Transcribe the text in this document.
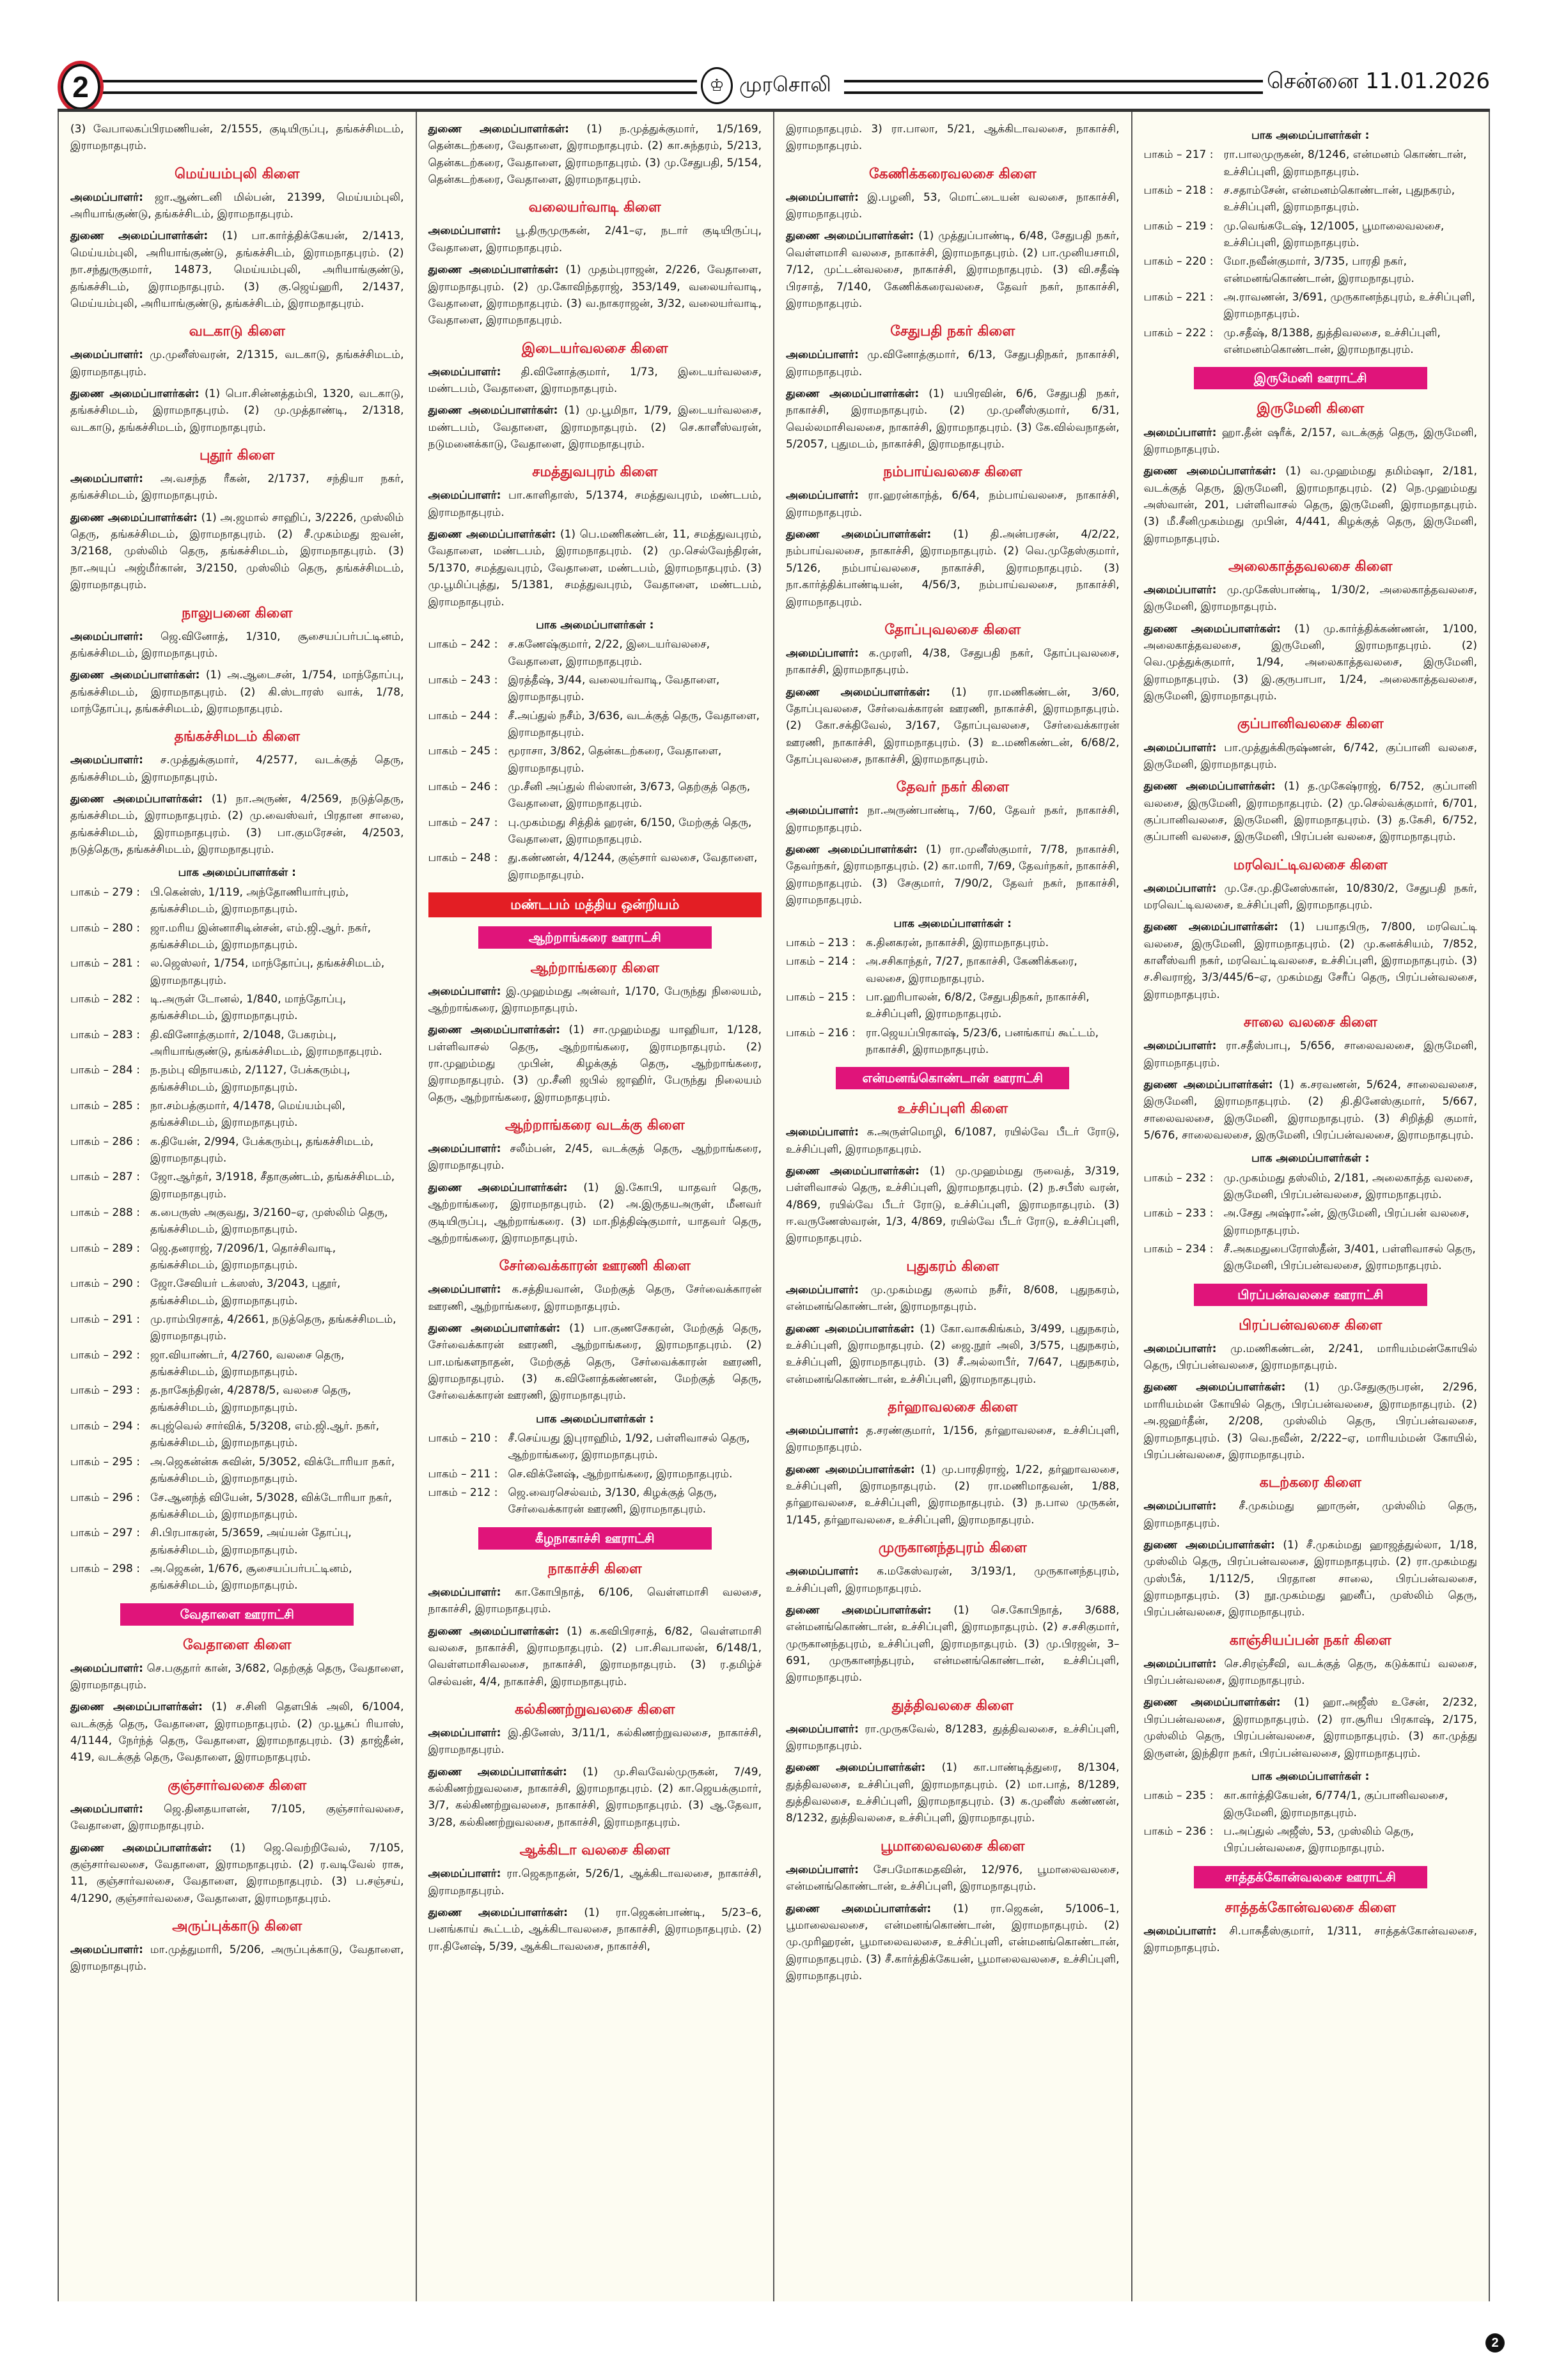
2	♔ முரசொலி	சென்னை 11.01.2026

(3) வேபாலகப்பிரமணியன், 2/1555, குடியிருப்பு, தங்கச்சிமடம், இராமநாதபுரம்.

மெய்யம்புலி கிளை

அமைப்பாளர்: ஜா.ஆண்டனி மில்பன், 21399, மெய்யம்புலி, அரியாங்குண்டு, தங்கச்சிடம், இராமநாதபுரம்.

துணை அமைப்பாளர்கள்: (1) பா.கார்த்திக்கேயன், 2/1413, மெய்யம்புலி, அரியாங்குண்டு, தங்கச்சிடம், இராமநாதபுரம். (2) நா.சந்துருகுமார், 14873, மெய்யம்புலி, அரியாங்குண்டு, தங்கச்சிடம், இராமநாதபுரம். (3) கு.ஜெய்ஹரி, 2/1437, மெய்யம்புலி, அரியாங்குண்டு, தங்கச்சிடம், இராமநாதபுரம்.

வடகாடு கிளை

அமைப்பாளர்: மு.முனீஸ்வரன், 2/1315, வடகாடு, தங்கச்சிமடம், இராமநாதபுரம்.

துணை அமைப்பாளர்கள்: (1) பொ.சின்னத்தம்பி, 1320, வடகாடு, தங்கச்சிமடம், இராமநாதபுரம். (2) மு.முத்தாண்டி, 2/1318, வடகாடு, தங்கச்சிமடம், இராமநாதபுரம்.

புதூர் கிளை

அமைப்பாளர்: அ.வசந்த ரீகன், 2/1737, சந்தியா நகர், தங்கச்சிமடம், இராமநாதபுரம்.

துணை அமைப்பாளர்கள்: (1) அ.ஜமால் சாஹிப், 3/2226, முஸ்லிம் தெரு, தங்கச்சிமடம், இராமநாதபுரம். (2) சீ.முகம்மது ஐவன், 3/2168, முஸ்லிம் தெரு, தங்கச்சிமடம், இராமநாதபுரம். (3) நா.அயுப் அஜ்மீர்கான், 3/2150, முஸ்லிம் தெரு, தங்கச்சிமடம், இராமநாதபுரம்.

நாலுபனை கிளை

அமைப்பாளர்: ஜெ.வினோத், 1/310, சூசையப்பர்பட்டினம், தங்கச்சிமடம், இராமநாதபுரம்.

துணை அமைப்பாளர்கள்: (1) அ.ஆடைசன், 1/754, மாந்தோப்பு, தங்கச்சிமடம், இராமநாதபுரம். (2) கி.ஸ்டாரஸ் வாக், 1/78, மாந்தோப்பு, தங்கச்சிமடம், இராமநாதபுரம்.

தங்கச்சிமடம் கிளை

அமைப்பாளர்: ச.முத்துக்குமார், 4/2577, வடக்குத் தெரு, தங்கச்சிமடம், இராமநாதபுரம்.

துணை அமைப்பாளர்கள்: (1) நா.அருண், 4/2569, நடுத்தெரு, தங்கச்சிமடம், இராமநாதபுரம். (2) மு.வைஸ்வர், பிரதான சாலை, தங்கச்சிமடம், இராமநாதபுரம். (3) பா.குமரேசன், 4/2503, நடுத்தெரு, தங்கச்சிமடம், இராமநாதபுரம்.

பாக அமைப்பாளர்கள் :
பாகம் – 279 : பி.கென்ஸ், 1/119, அந்தோணியார்புரம், தங்கச்சிமடம், இராமநாதபுரம்.
பாகம் – 280 : ஜா.மரிய இன்னாசிடின்சன், எம்.ஜி.ஆர். நகர், தங்கச்சிமடம், இராமநாதபுரம்.
பாகம் – 281 : ல.ஜெஸ்லர், 1/754, மாந்தோப்பு, தங்கச்சிமடம், இராமநாதபுரம்.
பாகம் – 282 : டி.அருள் டோனல், 1/840, மாந்தோப்பு, தங்கச்சிமடம், இராமநாதபுரம்.
பாகம் – 283 : தி.வினோத்குமார், 2/1048, பேகரம்பு, அரியாங்குண்டு, தங்கச்சிமடம், இராமநாதபுரம்.
பாகம் – 284 : ந.நம்பு விநாயகம், 2/1127, பேக்கரும்பு, தங்கச்சிமடம், இராமநாதபுரம்.
பாகம் – 285 : நா.சம்பத்குமார், 4/1478, மெய்யம்புலி, தங்கச்சிமடம், இராமநாதபுரம்.
பாகம் – 286 : க.தியேன், 2/994, பேக்கரும்பு, தங்கச்சிமடம், இராமநாதபுரம்.
பாகம் – 287 : ஜோ.ஆர்தர், 3/1918, சீதாகுண்டம், தங்கச்சிமடம், இராமநாதபுரம்.
பாகம் – 288 : க.பைருஸ் அகுவது, 3/2160–ஏ, முஸ்லிம் தெரு, தங்கச்சிமடம், இராமநாதபுரம்.
பாகம் – 289 : ஜெ.தனராஜ், 7/2096/1, தொச்சிவாடி, தங்கச்சிமடம், இராமநாதபுரம்.
பாகம் – 290 : ஜோ.சேவியர் டக்ஸஸ், 3/2043, புதூர், தங்கச்சிமடம், இராமநாதபுரம்.
பாகம் – 291 : மு.ராம்பிரசாத், 4/2661, நடுத்தெரு, தங்கச்சிமடம், இராமநாதபுரம்.
பாகம் – 292 : ஜா.வியாண்டர், 4/2760, வலசை தெரு, தங்கச்சிமடம், இராமநாதபுரம்.
பாகம் – 293 : த.நாகேந்திரன், 4/2878/5, வலசை தெரு, தங்கச்சிமடம், இராமநாதபுரம்.
பாகம் – 294 : சுபுஜ்வெல் சார்விக், 5/3208, எம்.ஜி.ஆர். நகர், தங்கச்சிமடம், இராமநாதபுரம்.
பாகம் – 295 : அ.ஜெகன்ன்சு சுவின், 5/3052, விக்டோரியா நகர், தங்கச்சிமடம், இராமநாதபுரம்.
பாகம் – 296 : சே.ஆனந்த் வியேன், 5/3028, விக்டோரியா நகர், தங்கச்சிமடம், இராமநாதபுரம்.
பாகம் – 297 : சி.பிரபாகரன், 5/3659, அய்யன் தோப்பு, தங்கச்சிமடம், இராமநாதபுரம்.
பாகம் – 298 : அ.ஜெகன், 1/676, சூசையப்பர்பட்டினம், தங்கச்சிமடம், இராமநாதபுரம்.
வேதாளை ஊராட்சி
வேதாளை கிளை

அமைப்பாளர்: செ.பகுதார் கான், 3/682, தெற்குத் தெரு, வேதாளை, இராமநாதபுரம்.

துணை அமைப்பாளர்கள்: (1) ச.சினி தௌபிக் அலி, 6/1004, வடக்குத் தெரு, வேதாளை, இராமநாதபுரம். (2) மு.யூசுப் ரியாஸ், 4/1144, நேர்ந்த் தெரு, வேதாளை, இராமநாதபுரம். (3) தாஜ்தீன், 419, வடக்குத் தெரு, வேதாளை, இராமநாதபுரம்.

குஞ்சார்வலசை கிளை

அமைப்பாளர்: ஜெ.தினதயாளன், 7/105, குஞ்சார்வலசை, வேதாளை, இராமநாதபுரம்.

துணை அமைப்பாளர்கள்: (1) ஜெ.வெற்றிவேல், 7/105, குஞ்சார்வலசை, வேதாளை, இராமநாதபுரம். (2) ர.வடிவேல் ராசு, 11, குஞ்சார்வலசை, வேதாளை, இராமநாதபுரம். (3) ப.சஞ்சய், 4/1290, குஞ்சார்வலசை, வேதாளை, இராமநாதபுரம்.

அருப்புக்காடு கிளை

அமைப்பாளர்: மா.முத்துமாரி, 5/206, அருப்புக்காடு, வேதாளை, இராமநாதபுரம்.

துணை அமைப்பாளர்கள்: (1) ந.முத்துக்குமார், 1/5/169, தென்கடற்கரை, வேதாளை, இராமநாதபுரம். (2) கா.சுந்தரம், 5/213, தென்கடற்கரை, வேதாளை, இராமநாதபுரம். (3) மு.சேதுபதி, 5/154, தென்கடற்கரை, வேதாளை, இராமநாதபுரம்.

வலையர்வாடி கிளை

அமைப்பாளர்: பூ.திருமுருகன், 2/41–ஏ, நடார் குடியிருப்பு, வேதாளை, இராமநாதபுரம்.

துணை அமைப்பாளர்கள்: (1) முதம்புராஜன், 2/226, வேதாளை, இராமநாதபுரம். (2) மு.கோவிந்தராஜ், 353/149, வலையர்வாடி, வேதாளை, இராமநாதபுரம். (3) வ.நாகராஜன், 3/32, வலையர்வாடி, வேதாளை, இராமநாதபுரம்.

இடையர்வலசை கிளை

அமைப்பாளர்: தி.வினோத்குமார், 1/73, இடையர்வலசை, மண்டபம், வேதாளை, இராமநாதபுரம்.

துணை அமைப்பாளர்கள்: (1) மு.பூமிநா, 1/79, இடையர்வலசை, மண்டபம், வேதாளை, இராமநாதபுரம். (2) செ.காளீஸ்வரன், நடுமனைக்காடு, வேதாளை, இராமநாதபுரம்.

சமத்துவபுரம் கிளை

அமைப்பாளர்: பா.காளிதாஸ், 5/1374, சமத்துவபுரம், மண்டபம், இராமநாதபுரம்.

துணை அமைப்பாளர்கள்: (1) பெ.மணிகண்டன், 11, சமத்துவபுரம், வேதாளை, மண்டபம், இராமநாதபுரம். (2) மு.செல்வேந்திரன், 5/1370, சமத்துவபுரம், வேதாளை, மண்டபம், இராமநாதபுரம். (3) மு.பூமிப்புத்து, 5/1381, சமத்துவபுரம், வேதாளை, மண்டபம், இராமநாதபுரம்.

பாக அமைப்பாளர்கள் :
பாகம் – 242 : ச.கணேஷ்குமார், 2/22, இடையர்வலசை, வேதாளை, இராமநாதபுரம்.
பாகம் – 243 : இரத்தீஷ், 3/44, வலையர்வாடி, வேதாளை, இராமநாதபுரம்.
பாகம் – 244 : சீ.அப்துல் நசீம், 3/636, வடக்குத் தெரு, வேதாளை, இராமநாதபுரம்.
பாகம் – 245 : மூராசா, 3/862, தென்கடற்கரை, வேதாளை, இராமநாதபுரம்.
பாகம் – 246 : மு.சீனி அப்துல் ரில்ஸான், 3/673, தெற்குத் தெரு, வேதாளை, இராமநாதபுரம்.
பாகம் – 247 : பு.முகம்மது சித்திக் ஹரன், 6/150, மேற்குத் தெரு, வேதாளை, இராமநாதபுரம்.
பாகம் – 248 : து.கண்ணன், 4/1244, குஞ்சார் வலசை, வேதாளை, இராமநாதபுரம்.
மண்டபம் மத்திய ஒன்றியம்
ஆற்றாங்கரை ஊராட்சி
ஆற்றாங்கரை கிளை

அமைப்பாளர்: இ.முஹம்மது அன்வர், 1/170, பேருந்து நிலையம், ஆற்றாங்கரை, இராமநாதபுரம்.

துணை அமைப்பாளர்கள்: (1) சா.முஹம்மது யாஹியா, 1/128, பள்ளிவாசல் தெரு, ஆற்றாங்கரை, இராமநாதபுரம். (2) ரா.முஹம்மது முபின், கிழக்குத் தெரு, ஆற்றாங்கரை, இராமநாதபுரம். (3) மு.சீனி ஜபில் ஜாஹிர், பேருந்து நிலையம் தெரு, ஆற்றாங்கரை, இராமநாதபுரம்.

ஆற்றாங்கரை வடக்கு கிளை

அமைப்பாளர்: சலீம்பன், 2/45, வடக்குத் தெரு, ஆற்றாங்கரை, இராமநாதபுரம்.

துணை அமைப்பாளர்கள்: (1) இ.கோபி, யாதவர் தெரு, ஆற்றாங்கரை, இராமநாதபுரம். (2) அ.இருதயஅருள், மீனவர் குடியிருப்பு, ஆற்றாங்கரை. (3) மா.நித்திஷ்குமார், யாதவர் தெரு, ஆற்றாங்கரை, இராமநாதபுரம்.

சேர்வைக்காரன் ஊரணி கிளை

அமைப்பாளர்: க.சத்தியவான், மேற்குத் தெரு, சேர்வைக்காரன் ஊரணி, ஆற்றாங்கரை, இராமநாதபுரம்.

துணை அமைப்பாளர்கள்: (1) பா.குணசேகரன், மேற்குத் தெரு, சேர்வைக்காரன் ஊரணி, ஆற்றாங்கரை, இராமநாதபுரம். (2) பா.மங்களநாதன், மேற்குத் தெரு, சேர்வைக்காரன் ஊரணி, இராமநாதபுரம். (3) க.வினோத்கண்ணன், மேற்குத் தெரு, சேர்வைக்காரன் ஊரணி, இராமநாதபுரம்.

பாக அமைப்பாளர்கள் :
பாகம் – 210 : சீ.செய்யது இபுராஹிம், 1/92, பள்ளிவாசல் தெரு, ஆற்றாங்கரை, இராமநாதபுரம்.
பாகம் – 211 : செ.விக்னேஷ், ஆற்றாங்கரை, இராமநாதபுரம்.
பாகம் – 212 : ஜெ.வைரசெல்வம், 3/130, கிழக்குத் தெரு, சேர்வைக்காரன் ஊரணி, இராமநாதபுரம்.
கீழநாகாச்சி ஊராட்சி
நாகாச்சி கிளை

அமைப்பாளர்: கா.கோபிநாத், 6/106, வெள்ளமாசி வலசை, நாகாச்சி, இராமநாதபுரம்.

துணை அமைப்பாளர்கள்: (1) க.கவிபிரசாத், 6/82, வெள்ளமாசி வலசை, நாகாச்சி, இராமநாதபுரம். (2) பா.சிவபாலன், 6/148/1, வெள்ளமாசிவலசை, நாகாச்சி, இராமநாதபுரம். (3) ர.தமிழ்ச் செல்வன், 4/4, நாகாச்சி, இராமநாதபுரம்.

கல்கிணற்றுவலசை கிளை

அமைப்பாளர்: இ.தினேஸ், 3/11/1, கல்கிணற்றுவலசை, நாகாச்சி, இராமநாதபுரம்.

துணை அமைப்பாளர்கள்: (1) மு.சிவவேல்முருகன், 7/49, கல்கிணற்றுவலசை, நாகாச்சி, இராமநாதபுரம். (2) கா.ஜெயக்குமார், 3/7, கல்கிணற்றுவலசை, நாகாச்சி, இராமநாதபுரம். (3) ஆ.தேவா, 3/28, கல்கிணற்றுவலசை, நாகாச்சி, இராமநாதபுரம்.

ஆக்கிடா வலசை கிளை

அமைப்பாளர்: ரா.ஜெகநாதன், 5/26/1, ஆக்கிடாவலசை, நாகாச்சி, இராமநாதபுரம்.

துணை அமைப்பாளர்கள்: (1) ரா.ஜெகன்பாண்டி, 5/23–6, பனங்காய் கூட்டம், ஆக்கிடாவலசை, நாகாச்சி, இராமநாதபுரம். (2) ரா.தினேஷ், 5/39, ஆக்கிடாவலசை, நாகாச்சி,

இராமநாதபுரம். 3) ரா.பாலா, 5/21, ஆக்கிடாவலசை, நாகாச்சி, இராமநாதபுரம்.

கேணிக்கரைவலசை கிளை

அமைப்பாளர்: இ.பழனி, 53, மொட்டையன் வலசை, நாகாச்சி, இராமநாதபுரம்.

துணை அமைப்பாளர்கள்: (1) முத்துப்பாண்டி, 6/48, சேதுபதி நகர், வெள்ளமாசி வலசை, நாகாச்சி, இராமநாதபுரம். (2) பா.முனியசாமி, 7/12, முட்டன்வலசை, நாகாச்சி, இராமநாதபுரம். (3) வி.சதீஷ் பிரசாத், 7/140, கேணிக்கரைவலசை, தேவர் நகர், நாகாச்சி, இராமநாதபுரம்.

சேதுபதி நகர் கிளை

அமைப்பாளர்: மு.வினோத்குமார், 6/13, சேதுபதிநகர், நாகாச்சி, இராமநாதபுரம்.

துணை அமைப்பாளர்கள்: (1) யயிரவின், 6/6, சேதுபதி நகர், நாகாச்சி, இராமநாதபுரம். (2) மு.முனீஸ்குமார், 6/31, வெல்லமாசிவலசை, நாகாச்சி, இராமநாதபுரம். (3) கே.வில்வநாதன், 5/2057, புதுமடம், நாகாச்சி, இராமநாதபுரம்.

நம்பாய்வலசை கிளை

அமைப்பாளர்: ரா.ஹரன்காந்த், 6/64, நம்பாய்வலசை, நாகாச்சி, இராமநாதபுரம்.

துணை அமைப்பாளர்கள்: (1) தி.அன்பரசன், 4/2/22, நம்பாய்வலசை, நாகாச்சி, இராமநாதபுரம். (2) வெ.முதேஸ்குமார், 5/126, நம்பாய்வலசை, நாகாச்சி, இராமநாதபுரம். (3) நா.கார்த்திக்பாண்டியன், 4/56/3, நம்பாய்வலசை, நாகாச்சி, இராமநாதபுரம்.

தோப்புவலசை கிளை

அமைப்பாளர்: க.முரளி, 4/38, சேதுபதி நகர், தோப்புவலசை, நாகாச்சி, இராமநாதபுரம்.

துணை அமைப்பாளர்கள்: (1) ரா.மணிகண்டன், 3/60, தோப்புவலசை, சேர்வைக்காரன் ஊரணி, நாகாச்சி, இராமநாதபுரம். (2) கோ.சக்திவேல், 3/167, தோப்புவலசை, சேர்வைக்காரன் ஊரணி, நாகாச்சி, இராமநாதபுரம். (3) உ.மணிகண்டன், 6/68/2, தோப்புவலசை, நாகாச்சி, இராமநாதபுரம்.

தேவர் நகர் கிளை

அமைப்பாளர்: நா.அருண்பாண்டி, 7/60, தேவர் நகர், நாகாச்சி, இராமநாதபுரம்.

துணை அமைப்பாளர்கள்: (1) ரா.முனீஸ்குமார், 7/78, நாகாச்சி, தேவர்நகர், இராமநாதபுரம். (2) கா.மாரி, 7/69, தேவர்நகர், நாகாச்சி, இராமநாதபுரம். (3) சேகுமார், 7/90/2, தேவர் நகர், நாகாச்சி, இராமநாதபுரம்.

பாக அமைப்பாளர்கள் :
பாகம் – 213 : க.தினகரன், நாகாச்சி, இராமநாதபுரம்.
பாகம் – 214 : அ.சசிகாந்தர், 7/27, நாகாச்சி, கேணிக்கரை, வலசை, இராமநாதபுரம்.
பாகம் – 215 : பா.ஹரிபாலன், 6/8/2, சேதுபதிநகர், நாகாச்சி, உச்சிப்புளி, இராமநாதபுரம்.
பாகம் – 216 : ரா.ஜெயப்பிரகாஷ், 5/23/6, பனங்காய் கூட்டம், நாகாச்சி, இராமநாதபுரம்.
என்மனங்கொண்டான் ஊராட்சி
உச்சிப்புளி கிளை

அமைப்பாளர்: க.அருள்மொழி, 6/1087, ரயில்வே பீடர் ரோடு, உச்சிப்புளி, இராமநாதபுரம்.

துணை அமைப்பாளர்கள்: (1) மு.முஹம்மது ருவைத், 3/319, பள்ளிவாசல் தெரு, உச்சிப்புளி, இராமநாதபுரம். (2) ந.சபீஸ் வரன், 4/869, ரயில்வே பீடர் ரோடு, உச்சிப்புளி, இராமநாதபுரம். (3) ஈ.வருணேஸ்வரன், 1/3, 4/869, ரயில்வே பீடர் ரோடு, உச்சிப்புளி, இராமநாதபுரம்.

புதுகரம் கிளை

அமைப்பாளர்: மு.முகம்மது குலாம் நசீர், 8/608, புதுநகரம், என்மனங்கொண்டான், இராமநாதபுரம்.

துணை அமைப்பாளர்கள்: (1) கோ.வாசுகிங்கம், 3/499, புதுநகரம், உச்சிப்புளி, இராமநாதபுரம். (2) ஜை.நூர் அலி, 3/575, புதுநகரம், உச்சிப்புளி, இராமநாதபுரம். (3) சீ.அல்லாபீர், 7/647, புதுநகரம், என்மனங்கொண்டான், உச்சிப்புளி, இராமநாதபுரம்.

தர்ஹாவலசை கிளை

அமைப்பாளர்: த.சரண்குமார், 1/156, தர்ஹாவலசை, உச்சிப்புளி, இராமநாதபுரம்.

துணை அமைப்பாளர்கள்: (1) மு.பாரதிராஜ், 1/22, தர்ஹாவலசை, உச்சிப்புளி, இராமநாதபுரம். (2) ரா.மணிமாதவன், 1/88, தர்ஹாவலசை, உச்சிப்புளி, இராமநாதபுரம். (3) ந.பால முருகன், 1/145, தர்ஹாவலசை, உச்சிப்புளி, இராமநாதபுரம்.

முருகானந்தபுரம் கிளை

அமைப்பாளர்: க.மகேஸ்வரன், 3/193/1, முருகானந்தபுரம், உச்சிப்புளி, இராமநாதபுரம்.

துணை அமைப்பாளர்கள்: (1) செ.கோபிநாத், 3/688, என்மனங்கொண்டான், உச்சிப்புளி, இராமநாதபுரம். (2) ச.சசிகுமார், முருகானந்தபுரம், உச்சிப்புளி, இராமநாதபுரம். (3) மு.பிரஜன், 3–691, முருகானந்தபுரம், என்மனங்கொண்டான், உச்சிப்புளி, இராமநாதபுரம்.

துத்திவலசை கிளை

அமைப்பாளர்: ரா.முருகவேல், 8/1283, துத்திவலசை, உச்சிப்புளி, இராமநாதபுரம்.

துணை அமைப்பாளர்கள்: (1) கா.பாண்டித்துரை, 8/1304, துத்திவலசை, உச்சிப்புளி, இராமநாதபுரம். (2) மா.பாத், 8/1289, துத்திவலசை, உச்சிப்புளி, இராமநாதபுரம். (3) க.முனீஸ் கண்ணன், 8/1232, துத்திவலசை, உச்சிப்புளி, இராமநாதபுரம்.

பூமாலைவலசை கிளை

அமைப்பாளர்: சேபமோகமதவின், 12/976, பூமாலைவலசை, என்மனங்கொண்டான், உச்சிப்புளி, இராமநாதபுரம்.

துணை அமைப்பாளர்கள்: (1) ரா.ஜெகன், 5/1006–1, பூமாலைவலசை, என்மனங்கொண்டான், இராமநாதபுரம். (2) மு.முரிஹரன், பூமாலைவலசை, உச்சிப்புளி, என்மனங்கொண்டான், இராமநாதபுரம். (3) சீ.கார்த்திக்கேயன், பூமாலைவலசை, உச்சிப்புளி, இராமநாதபுரம்.

பாக அமைப்பாளர்கள் :
பாகம் – 217 : ரா.பாலமுருகன், 8/1246, என்மனம் கொண்டான், உச்சிப்புளி, இராமநாதபுரம்.
பாகம் – 218 : ச.சதாம்சேன், என்மனம்கொண்டான், புதுநகரம், உச்சிப்புளி, இராமநாதபுரம்.
பாகம் – 219 : மு.வெங்கடேஷ், 12/1005, பூமாலைவலசை, உச்சிப்புளி, இராமநாதபுரம்.
பாகம் – 220 : மோ.நவீன்குமார், 3/735, பாரதி நகர், என்மனங்கொண்டான், இராமநாதபுரம்.
பாகம் – 221 : அ.ராவணன், 3/691, முருகானந்தபுரம், உச்சிப்புளி, இராமநாதபுரம்.
பாகம் – 222 : மு.சதீஷ், 8/1388, துத்திவலசை, உச்சிப்புளி, என்மனம்கொண்டான், இராமநாதபுரம்.
இருமேனி ஊராட்சி
இருமேனி கிளை

அமைப்பாளர்: ஹா.தீன் ஷரீக், 2/157, வடக்குத் தெரு, இருமேனி, இராமநாதபுரம்.

துணை அமைப்பாளர்கள்: (1) வ.முஹம்மது தமிம்ஷா, 2/181, வடக்குத் தெரு, இருமேனி, இராமநாதபுரம். (2) நெ.முஹம்மது அஸ்வான், 201, பள்ளிவாசல் தெரு, இருமேனி, இராமநாதபுரம். (3) மீ.சீனிமுகம்மது முபின், 4/441, கிழக்குத் தெரு, இருமேனி, இராமநாதபுரம்.

அலைகாத்தவலசை கிளை

அமைப்பாளர்: மு.முகேஸ்பாண்டி, 1/30/2, அலைகாத்தவலசை, இருமேனி, இராமநாதபுரம்.

துணை அமைப்பாளர்கள்: (1) மு.கார்த்திக்கண்ணன், 1/100, அலைகாத்தவலசை, இருமேனி, இராமநாதபுரம். (2) வெ.முத்துக்குமார், 1/94, அலைகாத்தவலசை, இருமேனி, இராமநாதபுரம். (3) இ.குருபாபா, 1/24, அலைகாத்தவலசை, இருமேனி, இராமநாதபுரம்.

குப்பானிவலசை கிளை

அமைப்பாளர்: பா.முத்துக்கிருஷ்ணன், 6/742, குப்பானி வலசை, இருமேனி, இராமநாதபுரம்.

துணை அமைப்பாளர்கள்: (1) த.முகேஷ்ராஜ், 6/752, குப்பானி வலசை, இருமேனி, இராமநாதபுரம். (2) மு.செல்வக்குமார், 6/701, குப்பானிவலசை, இருமேனி, இராமநாதபுரம். (3) த.கேசி, 6/752, குப்பானி வலசை, இருமேனி, பிரப்பன் வலசை, இராமநாதபுரம்.

மரவெட்டிவலசை கிளை

அமைப்பாளர்: மு.சே.மு.தினேஸ்கான், 10/830/2, சேதுபதி நகர், மரவெட்டிவலசை, உச்சிப்புளி, இராமநாதபுரம்.

துணை அமைப்பாளர்கள்: (1) பயாதபிரு, 7/800, மரவெட்டி வலசை, இருமேனி, இராமநாதபுரம். (2) மு.கனக்சியம், 7/852, காளீஸ்வரி நகர், மரவெட்டிவலசை, உச்சிப்புளி, இராமநாதபுரம். (3) ச.சிவராஜ், 3/3/445/6–ஏ, முகம்மது சேரீப் தெரு, பிரப்பன்வலசை, இராமநாதபுரம்.

சாலை வலசை கிளை

அமைப்பாளர்: ரா.சதீஸ்பாபு, 5/656, சாலைவலசை, இருமேனி, இராமநாதபுரம்.

துணை அமைப்பாளர்கள்: (1) க.சரவணன், 5/624, சாலைவலசை, இருமேனி, இராமநாதபுரம். (2) தி.தினேஸ்குமார், 5/667, சாலைவலசை, இருமேனி, இராமநாதபுரம். (3) சிறித்தி குமார், 5/676, சாலைவலசை, இருமேனி, பிரப்பன்வலசை, இராமநாதபுரம்.

பாக அமைப்பாளர்கள் :
பாகம் – 232 : மு.முகம்மது தஸ்லிம், 2/181, அலைகாத்த வலசை, இருமேனி, பிரப்பன்வலசை, இராமநாதபுரம்.
பாகம் – 233 : அ.சேது அஷ்ராஃன், இருமேனி, பிரப்பன் வலசை, இராமநாதபுரம்.
பாகம் – 234 : சீ.அகமதுபைரோஸ்தீன், 3/401, பள்ளிவாசல் தெரு, இருமேனி, பிரப்பன்வலசை, இராமநாதபுரம்.
பிரப்பன்வலசை ஊராட்சி
பிரப்பன்வலசை கிளை

அமைப்பாளர்: மு.மணிகண்டன், 2/241, மாரியம்மன்கோயில் தெரு, பிரப்பன்வலசை, இராமநாதபுரம்.

துணை அமைப்பாளர்கள்: (1) மு.சேதுகுருபரன், 2/296, மாரியம்மன் கோயில் தெரு, பிரப்பன்வலசை, இராமநாதபுரம். (2) அ.ஜஹர்தீன், 2/208, முஸ்லிம் தெரு, பிரப்பன்வலசை, இராமநாதபுரம். (3) வெ.நவீன், 2/222–ஏ, மாரியம்மன் கோயில், பிரப்பன்வலசை, இராமநாதபுரம்.

கடற்கரை கிளை

அமைப்பாளர்: சீ.முகம்மது ஹாருன், முஸ்லிம் தெரு, இராமநாதபுரம்.

துணை அமைப்பாளர்கள்: (1) சீ.முகம்மது ஹாஜத்துல்லா, 1/18, முஸ்லிம் தெரு, பிரப்பன்வலசை, இராமநாதபுரம். (2) ரா.முகம்மது முஸ்பீக், 1/112/5, பிரதான சாலை, பிரப்பன்வலசை, இராமநாதபுரம். (3) நூ.முகம்மது ஹனீப், முஸ்லிம் தெரு, பிரப்பன்வலசை, இராமநாதபுரம்.

காஞ்சியப்பன் நகர் கிளை

அமைப்பாளர்: செ.சிரஞ்சீவி, வடக்குத் தெரு, கடுக்காய் வலசை, பிரப்பன்வலசை, இராமநாதபுரம்.

துணை அமைப்பாளர்கள்: (1) ஹா.அஜீஸ் உசேன், 2/232, பிரப்பன்வலசை, இராமநாதபுரம். (2) ரா.சூரிய பிரகாஷ், 2/175, முஸ்லிம் தெரு, பிரப்பன்வலசை, இராமநாதபுரம். (3) கா.முத்து இருளன், இந்திரா நகர், பிரப்பன்வலசை, இராமநாதபுரம்.

பாக அமைப்பாளர்கள் :
பாகம் – 235 : கா.கார்த்திகேயன், 6/774/1, குப்பானிவலசை, இருமேனி, இராமநாதபுரம்.
பாகம் – 236 : ப.அப்துல் அஜீஸ், 53, முஸ்லிம் தெரு, பிரப்பன்வலசை, இராமநாதபுரம்.
சாத்தக்கோன்வலசை ஊராட்சி
சாத்தக்கோன்வலசை கிளை

அமைப்பாளர்: சி.பாசுதீஸ்குமார், 1/311, சாத்தக்கோன்வலசை, இராமநாதபுரம்.

2
